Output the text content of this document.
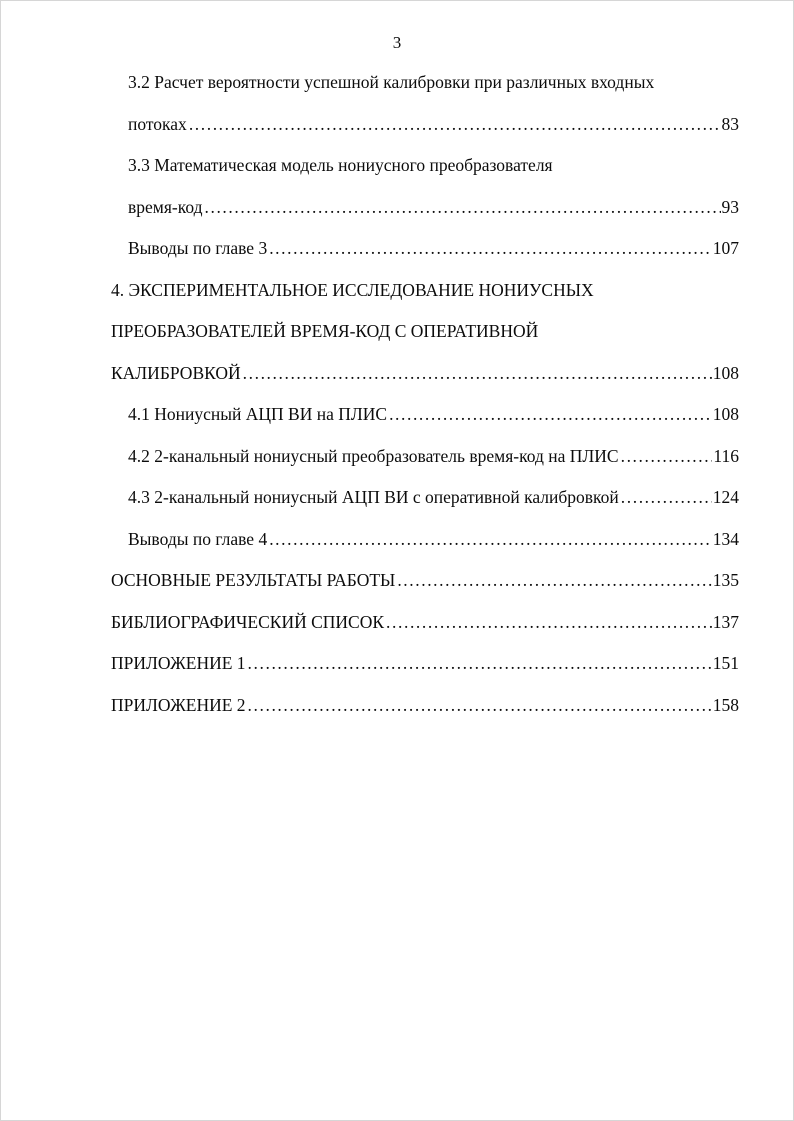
3
3.2 Расчет вероятности успешной калибровки при различных входных
потоках .....	83
3.3 Математическая модель нониусного преобразователя
время-код .....	93
Выводы по главе 3 .....	107
4. ЭКСПЕРИМЕНТАЛЬНОЕ ИССЛЕДОВАНИЕ НОНИУСНЫХ
ПРЕОБРАЗОВАТЕЛЕЙ ВРЕМЯ-КОД С ОПЕРАТИВНОЙ
КАЛИБРОВКОЙ .....	108
4.1 Нониусный АЦП ВИ на ПЛИС .....	108
4.2 2-канальный нониусный преобразователь время-код на ПЛИС .....	116
4.3 2-канальный нониусный АЦП ВИ с оперативной калибровкой .....	124
Выводы по главе 4 .....	134
ОСНОВНЫЕ РЕЗУЛЬТАТЫ РАБОТЫ .....	135
БИБЛИОГРАФИЧЕСКИЙ СПИСОК .....	137
ПРИЛОЖЕНИЕ 1 .....	151
ПРИЛОЖЕНИЕ 2 .....	158
